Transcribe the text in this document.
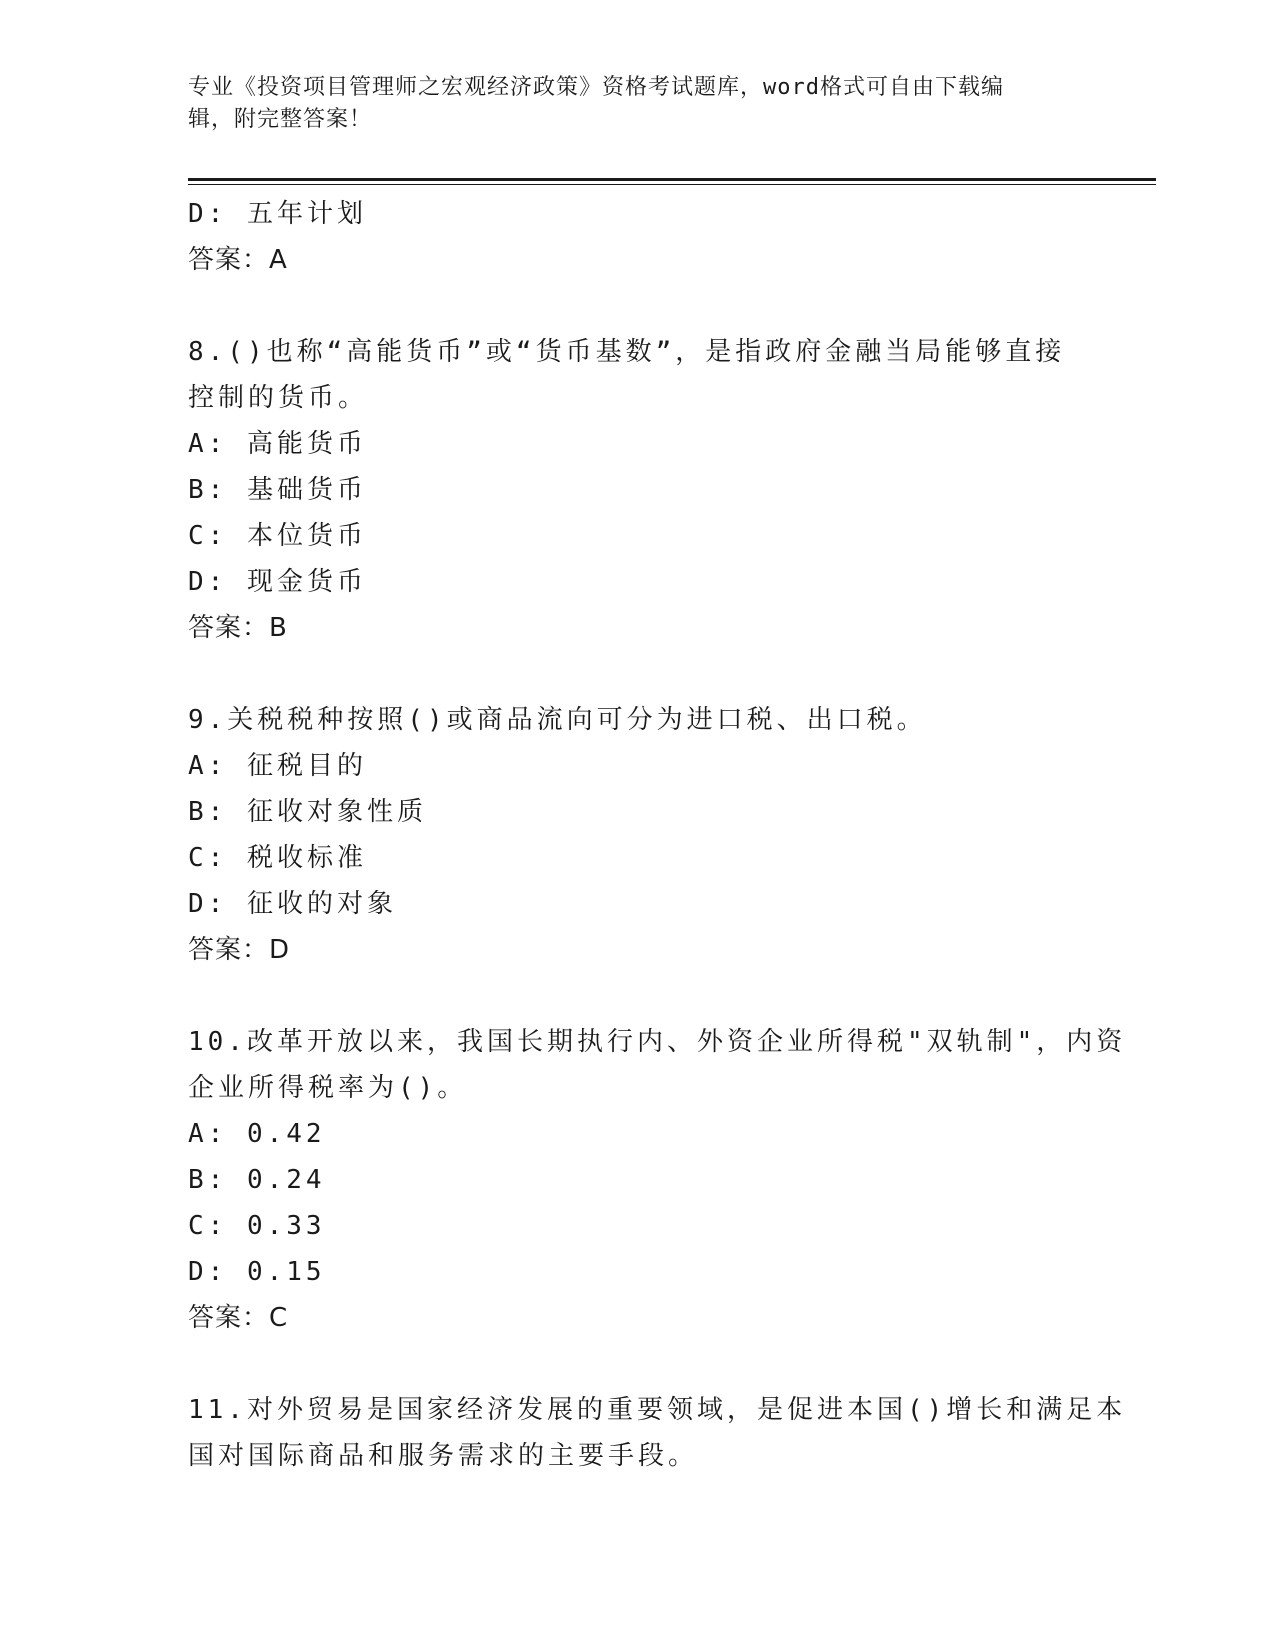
专业《投资项目管理师之宏观经济政策》资格考试题库，word格式可自由下载编
辑，附完整答案！
D: 五年计划
答案：A
8.()也称“高能货币”或“货币基数”，是指政府金融当局能够直接
控制的货币。
A: 高能货币
B: 基础货币
C: 本位货币
D: 现金货币
答案：B
9.关税税种按照()或商品流向可分为进口税、出口税。
A: 征税目的
B: 征收对象性质
C: 税收标准
D: 征收的对象
答案：D
10.改革开放以来，我国长期执行内、外资企业所得税"双轨制"，内资
企业所得税率为()。
A: 0.42
B: 0.24
C: 0.33
D: 0.15
答案：C
11.对外贸易是国家经济发展的重要领域，是促进本国()增长和满足本
国对国际商品和服务需求的主要手段。
